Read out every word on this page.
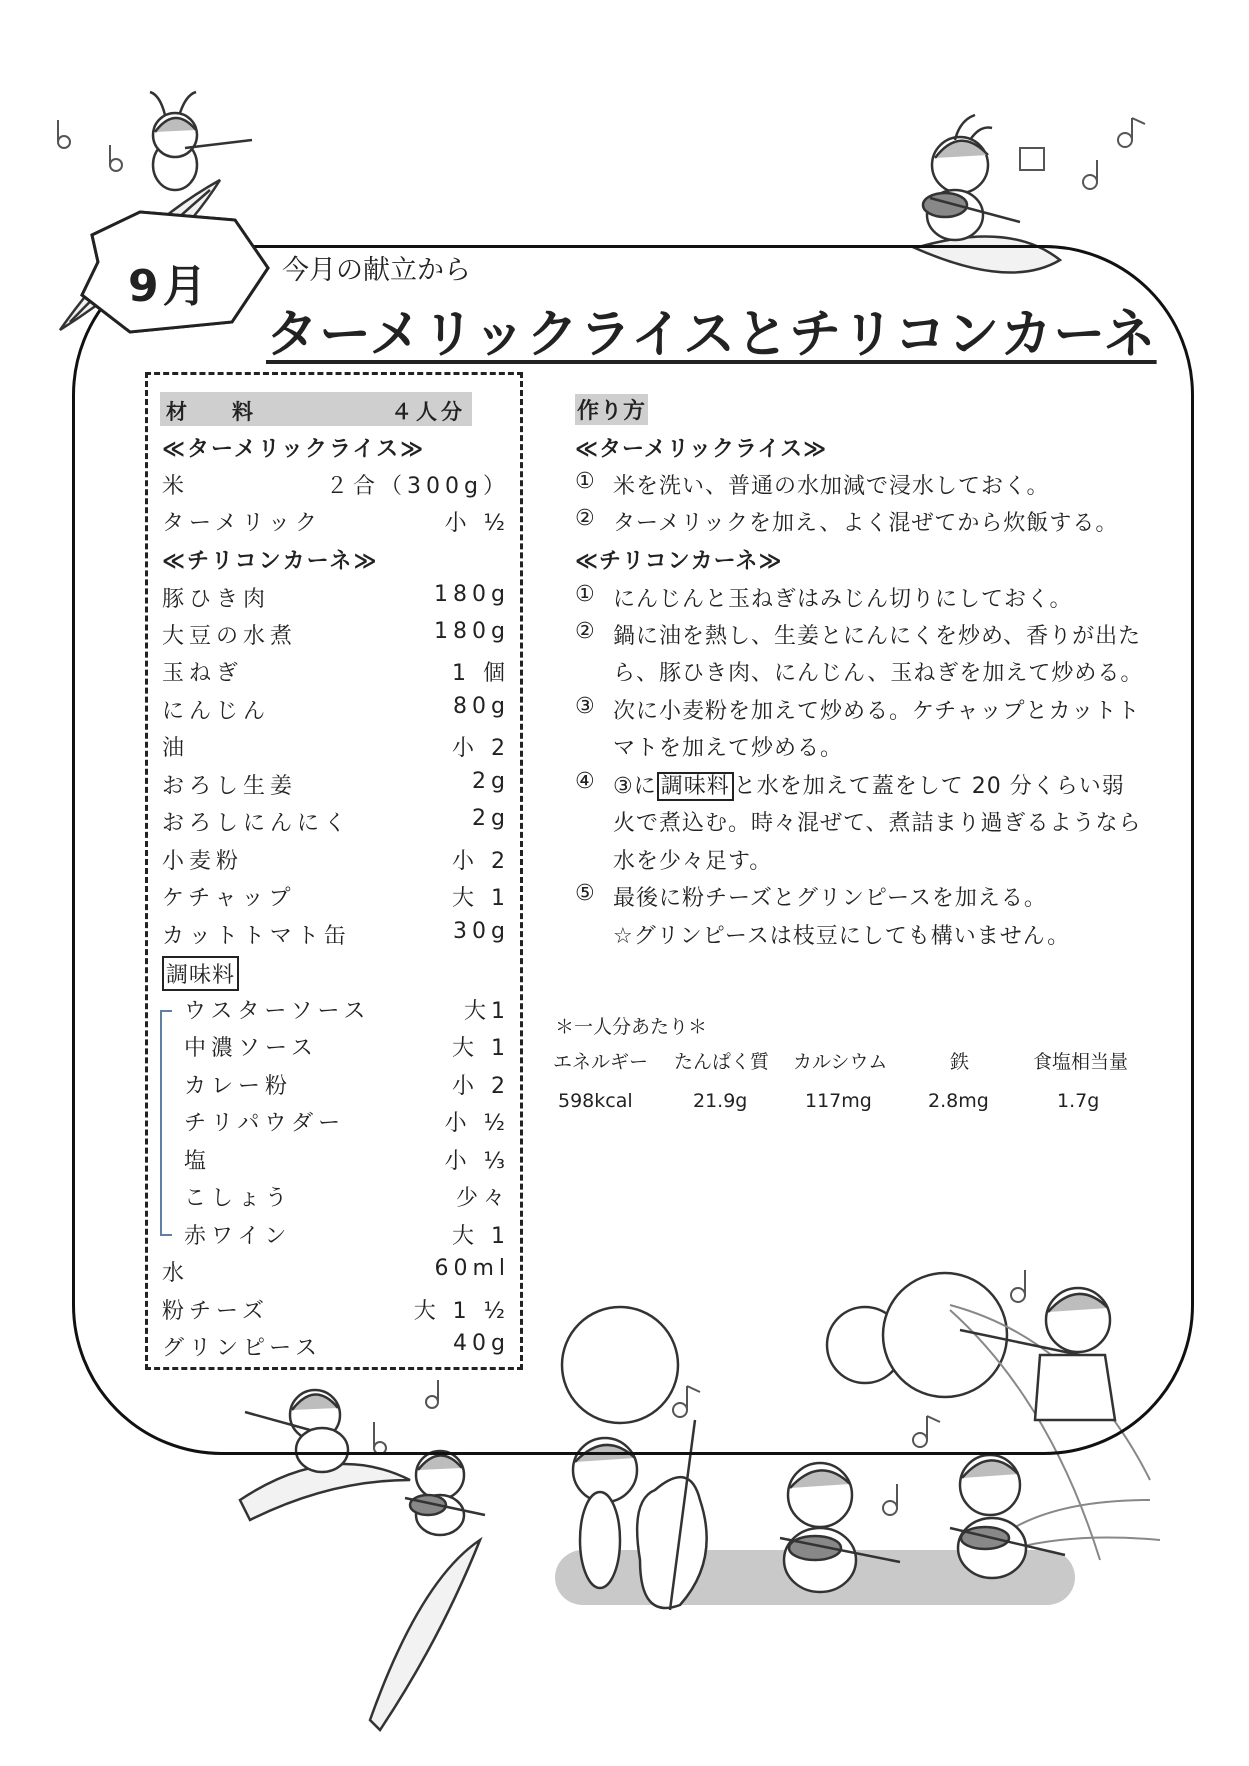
9月	今月の献立から
ターメリックライスとチリコンカーネ
材　料	４人分
≪ターメリックライス≫
米	２合（300g）
ターメリック	小 ½
≪チリコンカーネ≫
豚ひき肉	180g
大豆の水煮	180g
玉ねぎ	1 個
にんじん	80g
油	小 2
おろし生姜	2g
おろしにんにく	2g
小麦粉	小 2
ケチャップ	大 1
カットトマト缶	30g
調味料
ウスターソース	大1
中濃ソース	大 1
カレー粉	小 2
チリパウダー	小 ½
塩	小 ⅓
こしょう	少々
赤ワイン	大 1
水	60ml
粉チーズ	大 1 ½
グリンピース	40g
作り方
≪ターメリックライス≫
① 米を洗い、普通の水加減で浸水しておく。
② ターメリックを加え、よく混ぜてから炊飯する。
≪チリコンカーネ≫
① にんじんと玉ねぎはみじん切りにしておく。
② 鍋に油を熱し、生姜とにんにくを炒め、香りが出た
ら、豚ひき肉、にんじん、玉ねぎを加えて炒める。
③ 次に小麦粉を加えて炒める。ケチャップとカットト
マトを加えて炒める。
④ ③に 調味料 と水を加えて蓋をして 20 分くらい弱
火で煮込む。時々混ぜて、煮詰まり過ぎるようなら
水を少々足す。
⑤ 最後に粉チーズとグリンピースを加える。
☆グリンピースは枝豆にしても構いません。
＊一人分あたり＊
エネルギー たんぱく質 カルシウム	鉄	食塩相当量
598kcal	21.9g	117mg	2.8mg	1.7g
